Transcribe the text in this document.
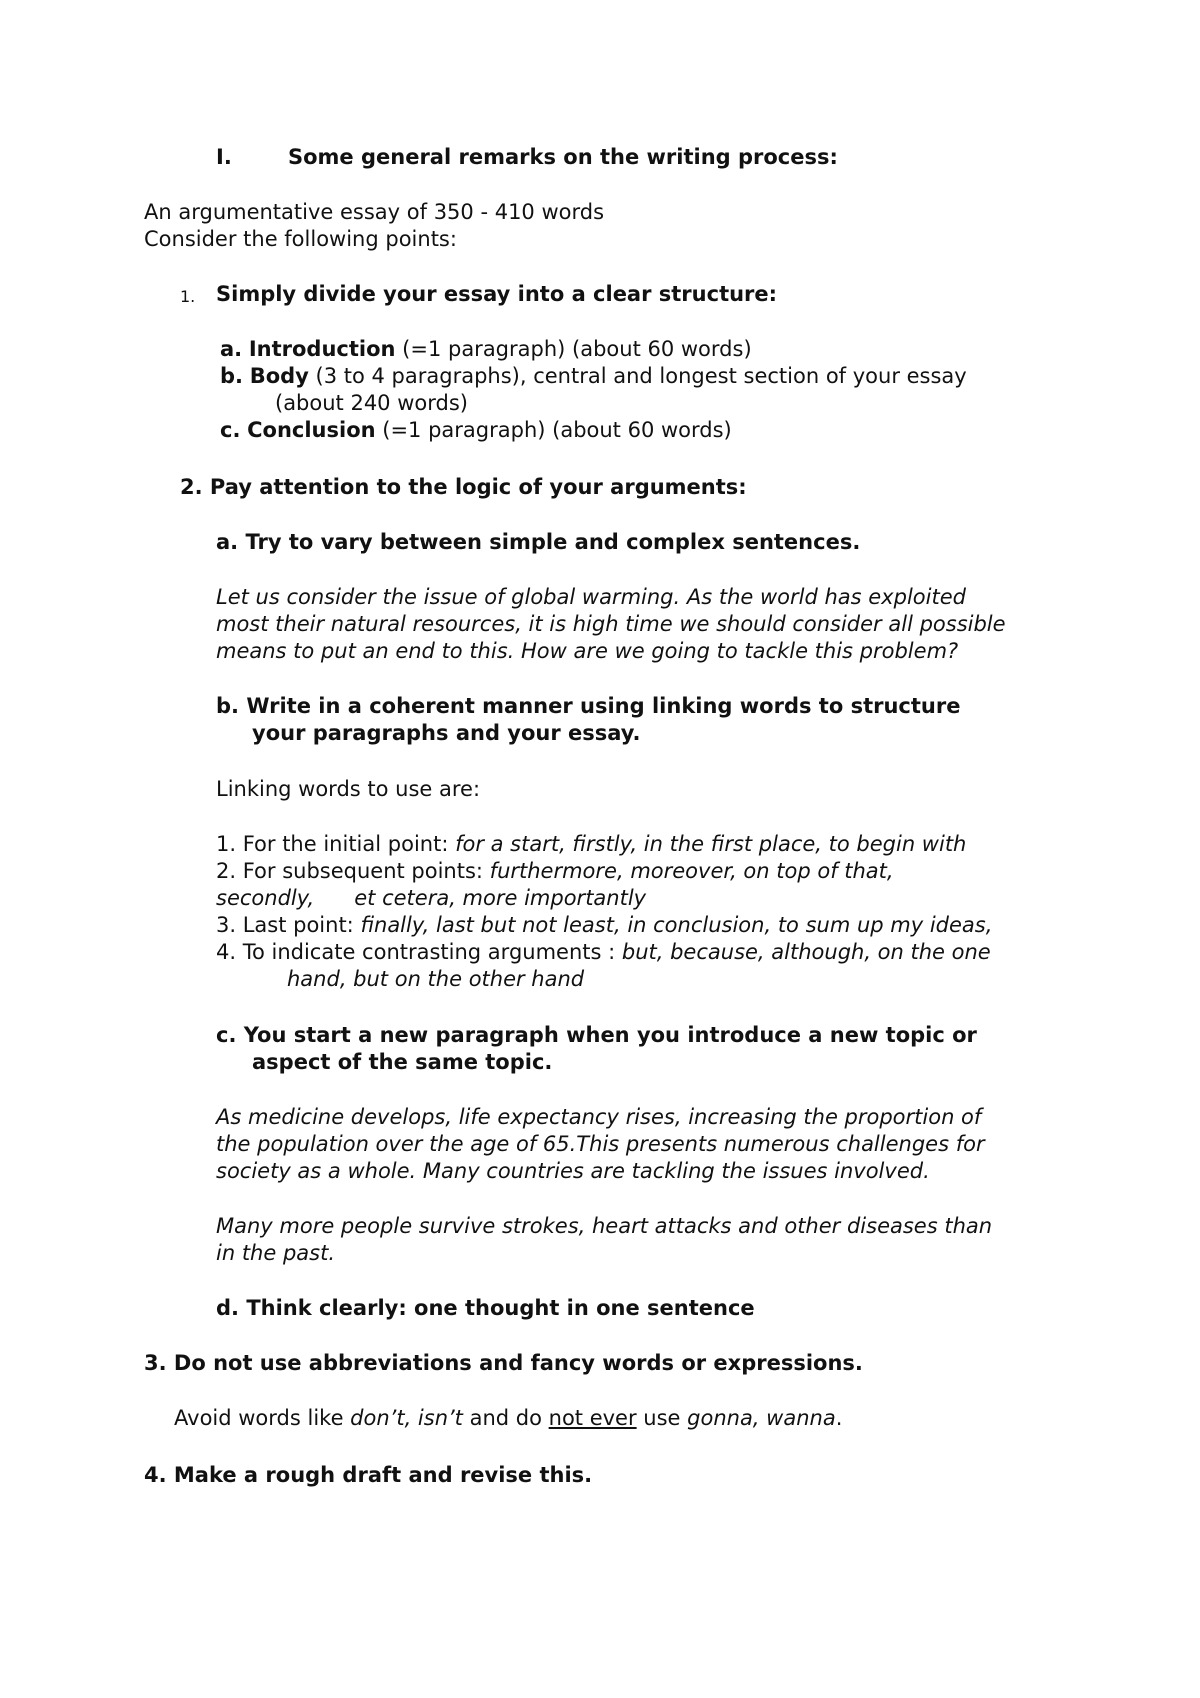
I.	Some general remarks on the writing process:
An argumentative essay of 350 - 410 words
Consider the following points:
1. Simply divide your essay into a clear structure:
a. Introduction (=1 paragraph) (about 60 words)
b. Body (3 to 4 paragraphs), central and longest section of your essay
(about 240 words)
c. Conclusion (=1 paragraph) (about 60 words)
2. Pay attention to the logic of your arguments:
a. Try to vary between simple and complex sentences.
Let us consider the issue of global warming. As the world has exploited
most their natural resources, it is high time we should consider all possible
means to put an end to this. How are we going to tackle this problem?
b. Write in a coherent manner using linking words to structure
your paragraphs and your essay.
Linking words to use are:
1. For the initial point: for a start, firstly, in the first place, to begin with
2. For subsequent points: furthermore, moreover, on top of that,
secondly,      et cetera, more importantly
3. Last point: finally, last but not least, in conclusion, to sum up my ideas,
4. To indicate contrasting arguments : but, because, although, on the one
hand, but on the other hand
c. You start a new paragraph when you introduce a new topic or
aspect of the same topic.
As medicine develops, life expectancy rises, increasing the proportion of
the population over the age of 65.This presents numerous challenges for
society as a whole. Many countries are tackling the issues involved.
Many more people survive strokes, heart attacks and other diseases than
in the past.
d. Think clearly: one thought in one sentence
3. Do not use abbreviations and fancy words or expressions.
Avoid words like don’t, isn’t and do not ever use gonna, wanna.
4. Make a rough draft and revise this.
